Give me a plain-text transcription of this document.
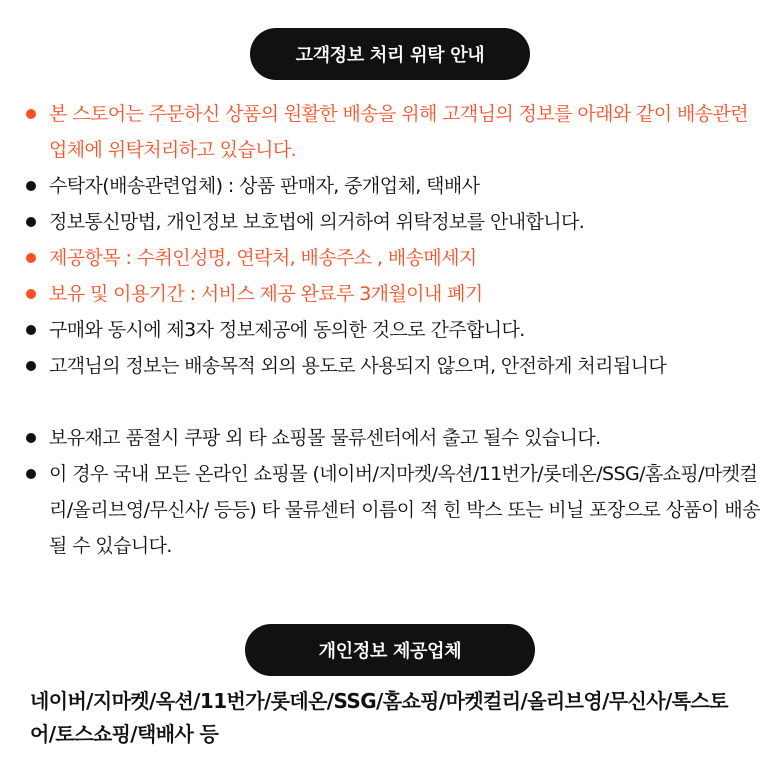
고객정보 처리 위탁 안내
본 스토어는 주문하신 상품의 원활한 배송을 위해 고객님의 정보를 아래와 같이 배송관련 업체에 위탁처리하고 있습니다.
수탁자(배송관련업체) : 상품 판매자, 중개업체, 택배사
정보통신망법, 개인정보 보호법에 의거하여 위탁정보를 안내합니다.
제공항목 : 수취인성명, 연락처, 배송주소 , 배송메세지
보유 및 이용기간 : 서비스 제공 완료루 3개월이내 폐기
구매와 동시에 제3자 정보제공에 동의한 것으로 간주합니다.
고객님의 정보는 배송목적 외의 용도로 사용되지 않으며, 안전하게 처리됩니다
보유재고 품절시 쿠팡 외 타 쇼핑몰 물류센터에서 출고 될수 있습니다.
이 경우 국내 모든 온라인 쇼핑몰 (네이버/지마켓/옥션/11번가/롯데온/SSG/홈쇼핑/마켓컬리/올리브영/무신사/ 등등) 타 물류센터 이름이 적 힌 박스 또는 비닐 포장으로 상품이 배송될 수 있습니다.
개인정보 제공업체

네이버/지마켓/옥션/11번가/롯데온/SSG/홈쇼핑/마켓컬리/올리브영/무신사/톡스토어/토스쇼핑/택배사 등
